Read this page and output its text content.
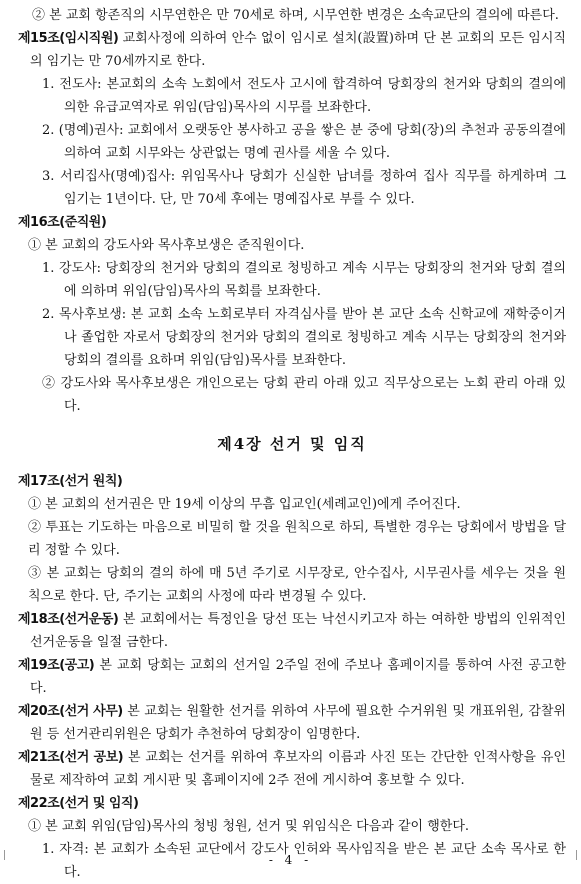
② 본 교회 항존직의 시무연한은 만 70세로 하며, 시무연한 변경은 소속교단의 결의에 따른다.

제15조(임시직원) 교회사정에 의하여 안수 없이 임시로 설치(設置)하며 단 본 교회의 모든 임시직의 임기는 만 70세까지로 한다.

1. 전도사: 본교회의 소속 노회에서 전도사 고시에 합격하여 당회장의 천거와 당회의 결의에 의한 유급교역자로 위임(담임)목사의 시무를 보좌한다.

2. (명예)권사: 교회에서 오랫동안 봉사하고 공을 쌓은 분 중에 당회(장)의 추천과 공동의결에 의하여 교회 시무와는 상관없는 명예 권사를 세울 수 있다.

3. 서리집사(명예)집사: 위임목사나 당회가 신실한 남녀를 정하여 집사 직무를 하게하며 그 임기는 1년이다. 단, 만 70세 후에는 명예집사로 부를 수 있다.

제16조(준직원)

① 본 교회의 강도사와 목사후보생은 준직원이다.

1. 강도사: 당회장의 천거와 당회의 결의로 청빙하고 계속 시무는 당회장의 천거와 당회 결의에 의하며 위임(담임)목사의 목회를 보좌한다.

2. 목사후보생: 본 교회 소속 노회로부터 자격심사를 받아 본 교단 소속 신학교에 재학중이거나 졸업한 자로서 당회장의 천거와 당회의 결의로 청빙하고 계속 시무는 당회장의 천거와 당회의 결의를 요하며 위임(담임)목사를 보좌한다.

② 강도사와 목사후보생은 개인으로는 당회 관리 아래 있고 직무상으로는 노회 관리 아래 있다.

제4장 선거 및 임직

제17조(선거 원칙)

① 본 교회의 선거권은 만 19세 이상의 무흠 입교인(세례교인)에게 주어진다.

② 투표는 기도하는 마음으로 비밀히 할 것을 원칙으로 하되, 특별한 경우는 당회에서 방법을 달리 정할 수 있다.

③ 본 교회는 당회의 결의 하에 매 5년 주기로 시무장로, 안수집사, 시무권사를 세우는 것을 원칙으로 한다. 단, 주기는 교회의 사정에 따라 변경될 수 있다.

제18조(선거운동) 본 교회에서는 특정인을 당선 또는 낙선시키고자 하는 여하한 방법의 인위적인 선거운동을 일절 금한다.

제19조(공고) 본 교회 당회는 교회의 선거일 2주일 전에 주보나 홈페이지를 통하여 사전 공고한다.

제20조(선거 사무) 본 교회는 원활한 선거를 위하여 사무에 필요한 수거위원 및 개표위원, 감찰위원 등 선거관리위원은 당회가 추천하여 당회장이 임명한다.

제21조(선거 공보) 본 교회는 선거를 위하여 후보자의 이름과 사진 또는 간단한 인적사항을 유인물로 제작하여 교회 게시판 및 홈페이지에 2주 전에 게시하여 홍보할 수 있다.

제22조(선거 및 임직)

① 본 교회 위임(담임)목사의 청빙 청원, 선거 및 위임식은 다음과 같이 행한다.

1. 자격: 본 교회가 소속된 교단에서 강도사 인허와 목사임직을 받은 본 교단 소속 목사로 한다.

- 4 -
